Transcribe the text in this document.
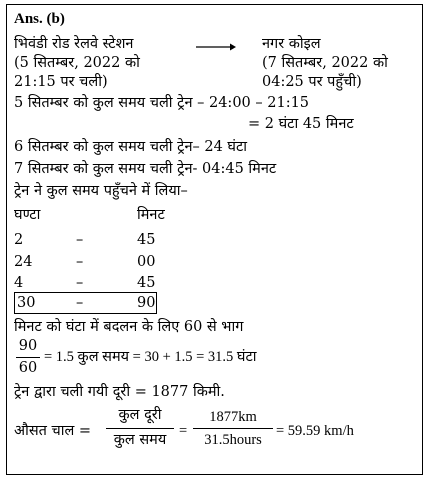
Ans. (b)
भिवंडी रोड रेलवे स्टेशन	नगर कोइल
(5 सितम्बर, 2022 को
21:15 पर चली)
(7 सितम्बर, 2022 को
04:25 पर पहुँची)
5 सितम्बर को कुल समय चली ट्रेन – 24:00 – 21:15
= 2 घंटा 45 मिनट
6 सितम्बर को कुल समय चली ट्रेन– 24 घंटा
7 सितम्बर को कुल समय चली ट्रेन- 04:45 मिनट
ट्रेन ने कुल समय पहुँचने में लिया–
घण्टा	मिनट
2	–	45
24	–	00
4	–	45
30	–	90
मिनट को घंटा में बदलन के लिए 60 से भाग
90
60
= 1.5 कुल समय = 30 + 1.5 = 31.5 घंटा
ट्रेन द्वारा चली गयी दूरी = 1877 किमी.
औसत चाल =
कुल दूरी
कुल समय
=
1877km
31.5hours
= 59.59 km/h
